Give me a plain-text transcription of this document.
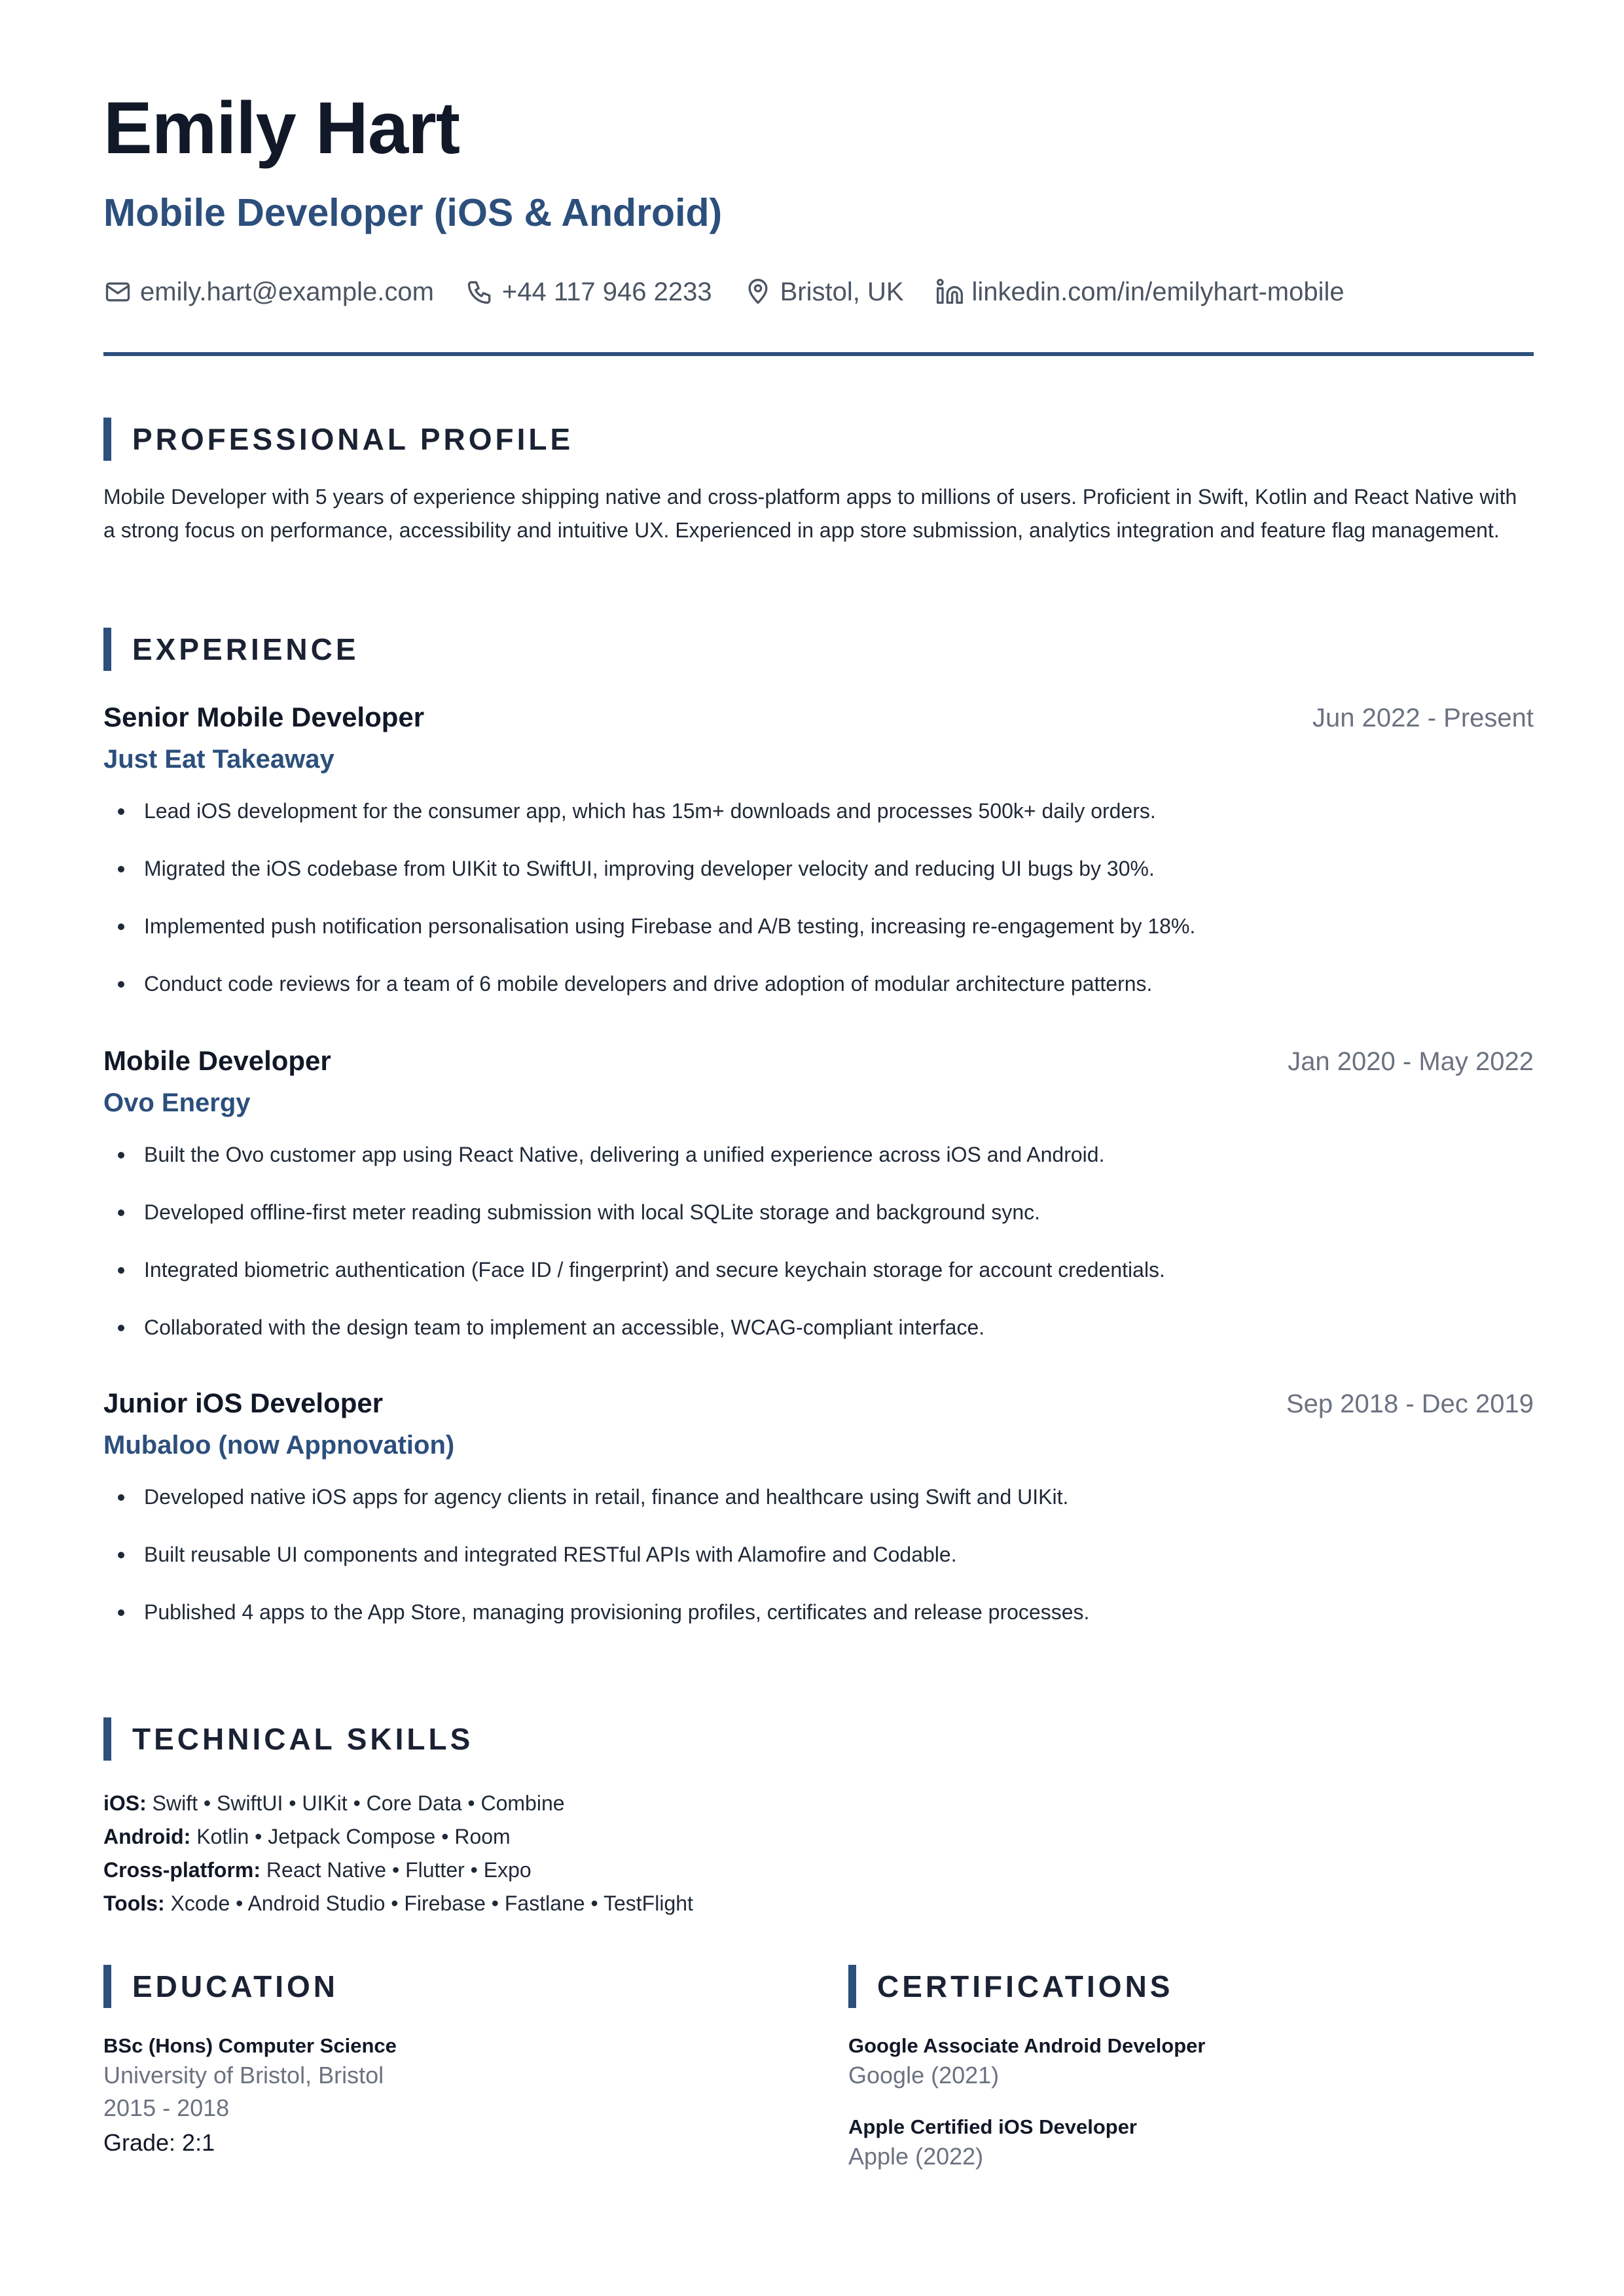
Emily Hart
Mobile Developer (iOS & Android)
emily.hart@example.com	+44 117 946 2233	Bristol, UK	linkedin.com/in/emilyhart-mobile
PROFESSIONAL PROFILE

Mobile Developer with 5 years of experience shipping native and cross-platform apps to millions of users. Proficient in Swift, Kotlin and React Native with a strong focus on performance, accessibility and intuitive UX. Experienced in app store submission, analytics integration and feature flag management.

EXPERIENCE
Senior Mobile Developer	Jun 2022 - Present
Just Eat Takeaway
Lead iOS development for the consumer app, which has 15m+ downloads and processes 500k+ daily orders.
Migrated the iOS codebase from UIKit to SwiftUI, improving developer velocity and reducing UI bugs by 30%.
Implemented push notification personalisation using Firebase and A/B testing, increasing re-engagement by 18%.
Conduct code reviews for a team of 6 mobile developers and drive adoption of modular architecture patterns.
Mobile Developer	Jan 2020 - May 2022
Ovo Energy
Built the Ovo customer app using React Native, delivering a unified experience across iOS and Android.
Developed offline-first meter reading submission with local SQLite storage and background sync.
Integrated biometric authentication (Face ID / fingerprint) and secure keychain storage for account credentials.
Collaborated with the design team to implement an accessible, WCAG-compliant interface.
Junior iOS Developer	Sep 2018 - Dec 2019
Mubaloo (now Appnovation)
Developed native iOS apps for agency clients in retail, finance and healthcare using Swift and UIKit.
Built reusable UI components and integrated RESTful APIs with Alamofire and Codable.
Published 4 apps to the App Store, managing provisioning profiles, certificates and release processes.
TECHNICAL SKILLS
iOS: Swift • SwiftUI • UIKit • Core Data • Combine
Android: Kotlin • Jetpack Compose • Room
Cross-platform: React Native • Flutter • Expo
Tools: Xcode • Android Studio • Firebase • Fastlane • TestFlight
EDUCATION
BSc (Hons) Computer Science
University of Bristol, Bristol
2015 - 2018
Grade: 2:1
CERTIFICATIONS
Google Associate Android Developer
Google (2021)
Apple Certified iOS Developer
Apple (2022)
